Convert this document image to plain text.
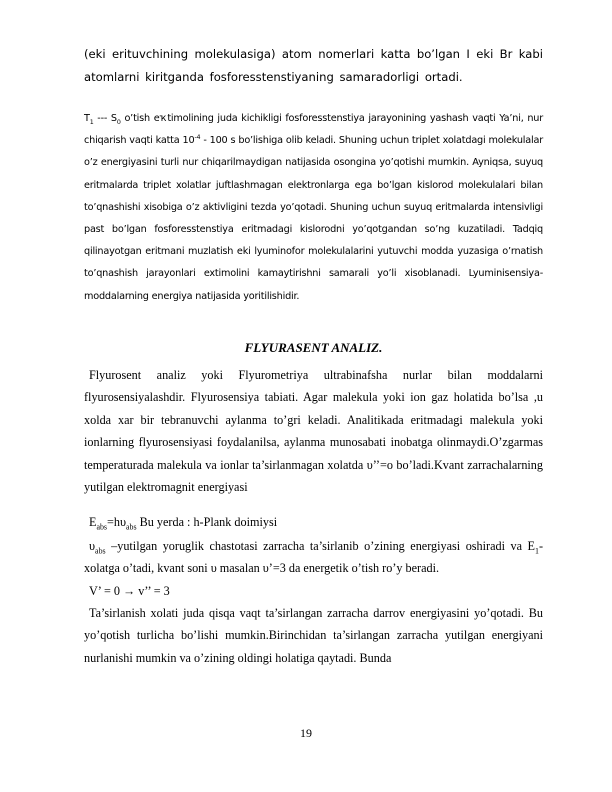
(eki erituvchining molekulasiga) atom nomerlari katta bo’lgan I eki Br kabi atomlarni kiritganda fosforesstenstiyaning samaradorligi ortadi.

$T_1$ --- $S_0$ o’tish eҡtimolining juda kichikligi fosforesstenstiya jarayonining yashash vaqti Ya’ni, nur chiqarish vaqti katta $10^{-4} - 100$ s bo’lishiga olib keladi. Shuning uchun triplet xolatdagi molekulalar o’z energiyasini turli nur chiqarilmaydigan natijasida osongina yo’qotishi mumkin. Ayniqsa, suyuq eritmalarda triplet xolatlar juftlashmagan elektronlarga ega bo’lgan kislorod molekulalari bilan to’qnashishi xisobiga o’z aktivligini tezda yo’qotadi. Shuning uchun suyuq eritmalarda intensivligi past bo’lgan fosforesstenstiya eritmadagi kislorodni yo’qotgandan so’ng kuzatiladi. Tadqiq qilinayotgan eritmani muzlatish eki lyuminofor molekulalarini yutuvchi modda yuzasiga o’rnatish to’qnashish jarayonlari extimolini kamaytirishni samarali yo’li xisoblanadi. Lyuminisensiya-moddalarning energiya natijasida yoritilishidir.

FLYURASENT ANALIZ.

Flyurosent analiz yoki Flyurometriya ultrabinafsha nurlar bilan moddalarni flyurosensiyalashdir. Flyurosensiya tabiati. Agar malekula yoki ion gaz holatida bo’lsa ,u xolda xar bir tebranuvchi aylanma to’gri keladi. Analitikada eritmadagi malekula yoki ionlarning flyurosensiyasi foydalanilsa, aylanma munosabati inobatga olinmaydi.O’zgarmas temperaturada malekula va ionlar ta’sirlanmagan xolatda υ’’=o bo’ladi.Kvant zarrachalarning yutilgan elektromagnit energiyasi

$E_{abs}=h\upsilon_{abs}$ Bu yerda : h-Plank doimiysi

$\upsilon_{abs}$ –yutilgan yoruglik chastotasi zarracha ta’sirlanib o’zining energiyasi oshiradi va $E_1-$ xolatga o’tadi, kvant soni υ masalan υ’=3 da energetik o’tish ro’y beradi.

V’ = 0 → v’’ = 3

Ta’sirlanish xolati juda qisqa vaqt ta’sirlangan zarracha darrov energiyasini yo’qotadi. Bu yo’qotish turlicha bo’lishi mumkin.Birinchidan ta’sirlangan zarracha yutilgan energiyani nurlanishi mumkin va o’zining oldingi holatiga qaytadi. Bunda

19
